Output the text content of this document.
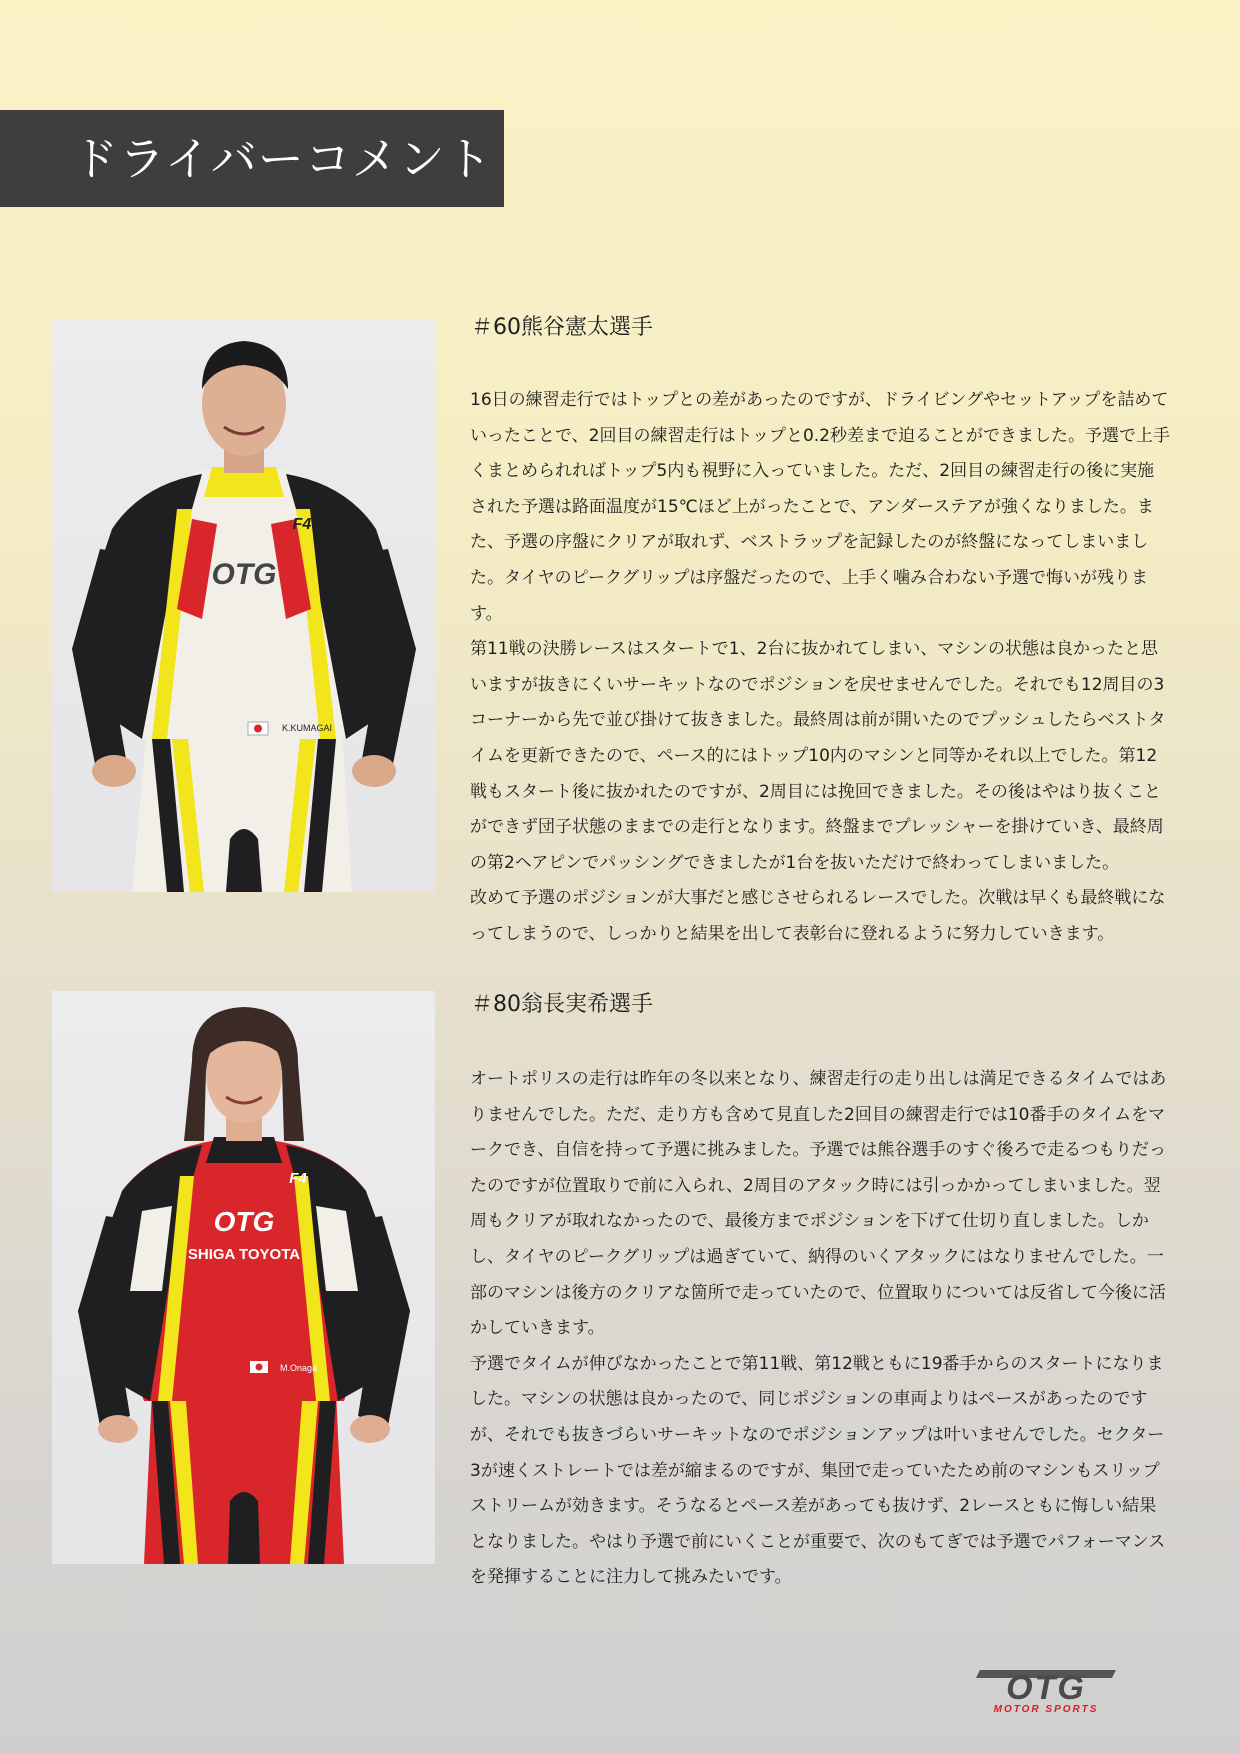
ドライバーコメント
OTG
F4
K.KUMAGAI
＃60熊谷憲太選手

16日の練習走行ではトップとの差があったのですが、ドライビングやセットアップを詰めていったことで、2回目の練習走行はトップと0.2秒差まで迫ることができました。予選で上手くまとめられればトップ5内も視野に入っていました。ただ、2回目の練習走行の後に実施された予選は路面温度が15℃ほど上がったことで、アンダーステアが強くなりました。また、予選の序盤にクリアが取れず、ベストラップを記録したのが終盤になってしまいました。タイヤのピークグリップは序盤だったので、上手く噛み合わない予選で悔いが残ります。

第11戦の決勝レースはスタートで1、2台に抜かれてしまい、マシンの状態は良かったと思いますが抜きにくいサーキットなのでポジションを戻せませんでした。それでも12周目の3コーナーから先で並び掛けて抜きました。最終周は前が開いたのでプッシュしたらベストタイムを更新できたので、ペース的にはトップ10内のマシンと同等かそれ以上でした。第12戦もスタート後に抜かれたのですが、2周目には挽回できました。その後はやはり抜くことができず団子状態のままでの走行となります。終盤までプレッシャーを掛けていき、最終周の第2ヘアピンでパッシングできましたが1台を抜いただけで終わってしまいました。

改めて予選のポジションが大事だと感じさせられるレースでした。次戦は早くも最終戦になってしまうので、しっかりと結果を出して表彰台に登れるように努力していきます。

OTG
SHIGA TOYOTA
F4
M.Onaga
＃80翁長実希選手

オートポリスの走行は昨年の冬以来となり、練習走行の走り出しは満足できるタイムではありませんでした。ただ、走り方も含めて見直した2回目の練習走行では10番手のタイムをマークでき、自信を持って予選に挑みました。予選では熊谷選手のすぐ後ろで走るつもりだったのですが位置取りで前に入られ、2周目のアタック時には引っかかってしまいました。翌周もクリアが取れなかったので、最後方までポジションを下げて仕切り直しました。しかし、タイヤのピークグリップは過ぎていて、納得のいくアタックにはなりませんでした。一部のマシンは後方のクリアな箇所で走っていたので、位置取りについては反省して今後に活かしていきます。

予選でタイムが伸びなかったことで第11戦、第12戦ともに19番手からのスタートになりました。マシンの状態は良かったので、同じポジションの車両よりはペースがあったのですが、それでも抜きづらいサーキットなのでポジションアップは叶いませんでした。セクター3が速くストレートでは差が縮まるのですが、集団で走っていたため前のマシンもスリップストリームが効きます。そうなるとペース差があっても抜けず、2レースともに悔しい結果となりました。やはり予選で前にいくことが重要で、次のもてぎでは予選でパフォーマンスを発揮することに注力して挑みたいです。

OTG
MOTOR SPORTS
